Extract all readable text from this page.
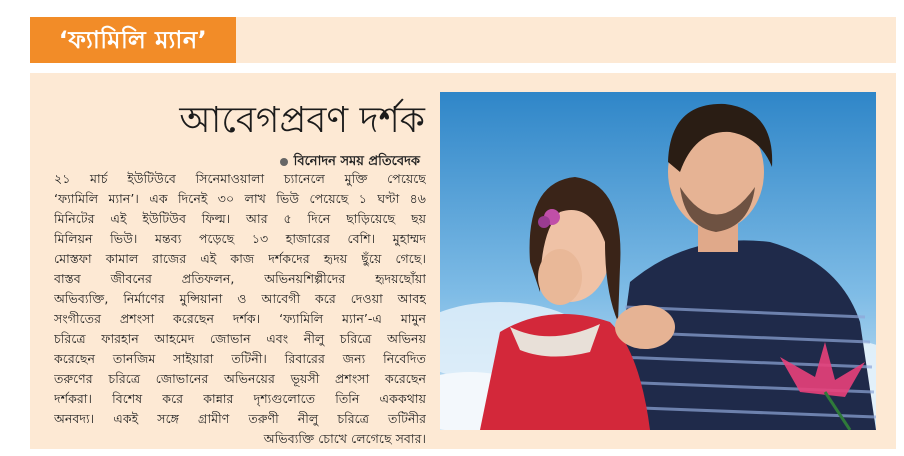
‘ফ্যামিলি ম্যান’
আবেগপ্রবণ দর্শক
বিনোদন সময় প্রতিবেদক
২১ মার্চ ইউটিউবে সিনেমাওয়ালা চ্যানেলে মুক্তি পেয়েছে
‘ফ্যামিলি ম্যান’। এক দিনেই ৩০ লাখ ভিউ পেয়েছে ১ ঘণ্টা ৪৬
মিনিটের এই ইউটিউব ফিল্ম। আর ৫ দিনে ছাড়িয়েছে ছয়
মিলিয়ন ভিউ। মন্তব্য পড়েছে ১৩ হাজারের বেশি। মুহাম্মদ
মোস্তফা কামাল রাজের এই কাজ দর্শকদের হৃদয় ছুঁয়ে গেছে।
বাস্তব জীবনের প্রতিফলন, অভিনয়শিল্পীদের হৃদয়ছোঁয়া
অভিব্যক্তি, নির্মাণের মুন্সিয়ানা ও আবেগী করে দেওয়া আবহ
সংগীতের প্রশংসা করেছেন দর্শক। ‘ফ্যামিলি ম্যান’-এ মামুন
চরিত্রে ফারহান আহমেদ জোভান এবং নীলু চরিত্রে অভিনয়
করেছেন তানজিম সাইয়ারা তটিনী। রিবারের জন্য নিবেদিত
তরুণের চরিত্রে জোভানের অভিনয়ের ভূয়সী প্রশংসা করেছেন
দর্শকরা। বিশেষ করে কান্নার দৃশ্যগুলোতে তিনি এককথায়
অনবদ্য। একই সঙ্গে গ্রামীণ তরুণী নীলু চরিত্রে তটিনীর
অভিব্যক্তি চোখে লেগেছে সবার।
